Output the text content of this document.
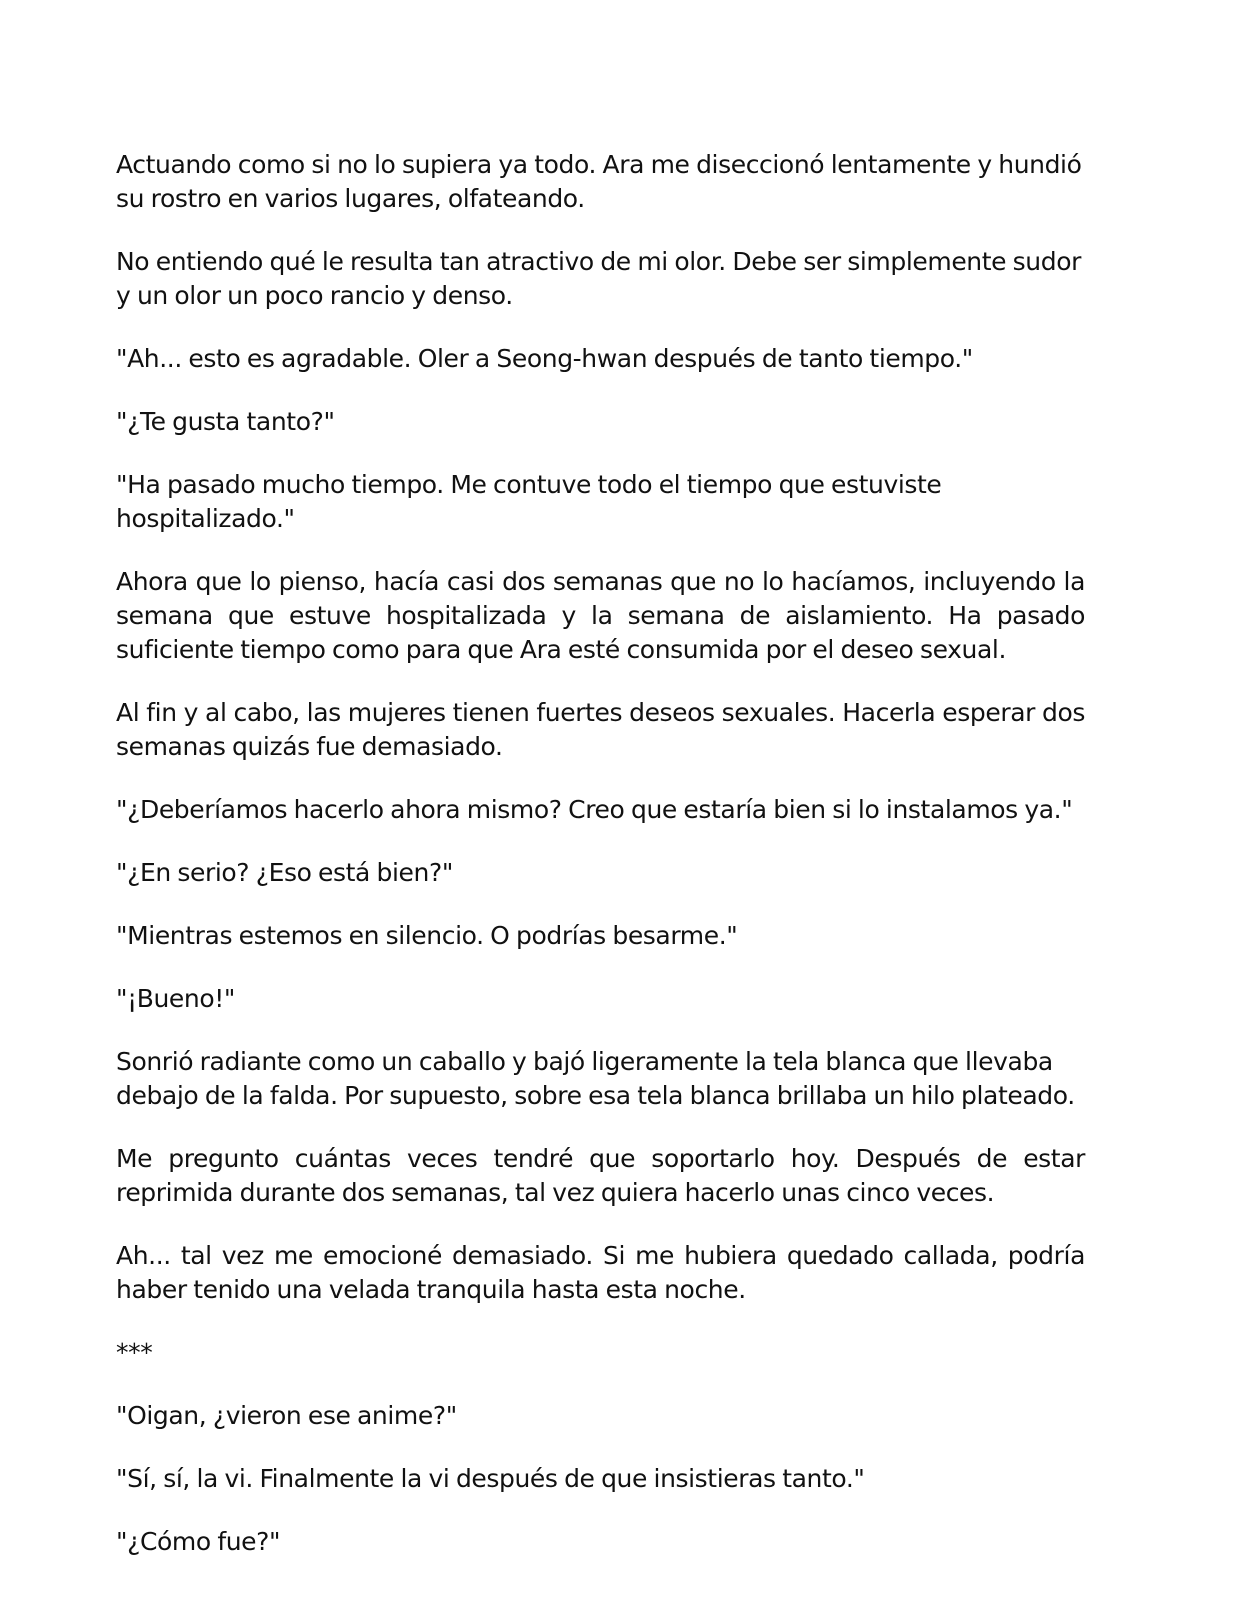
Actuando como si no lo supiera ya todo. Ara me diseccionó lentamente y hundió su rostro en varios lugares, olfateando.

No entiendo qué le resulta tan atractivo de mi olor. Debe ser simplemente sudor y un olor un poco rancio y denso.

"Ah... esto es agradable. Oler a Seong-hwan después de tanto tiempo."

"¿Te gusta tanto?"

"Ha pasado mucho tiempo. Me contuve todo el tiempo que estuviste hospitalizado."

Ahora que lo pienso, hacía casi dos semanas que no lo hacíamos, incluyendo la semana que estuve hospitalizada y la semana de aislamiento. Ha pasado suficiente tiempo como para que Ara esté consumida por el deseo sexual.

Al fin y al cabo, las mujeres tienen fuertes deseos sexuales. Hacerla esperar dos semanas quizás fue demasiado.

"¿Deberíamos hacerlo ahora mismo? Creo que estaría bien si lo instalamos ya."

"¿En serio? ¿Eso está bien?"

"Mientras estemos en silencio. O podrías besarme."

"¡Bueno!"

Sonrió radiante como un caballo y bajó ligeramente la tela blanca que llevaba debajo de la falda. Por supuesto, sobre esa tela blanca brillaba un hilo plateado.

Me pregunto cuántas veces tendré que soportarlo hoy. Después de estar reprimida durante dos semanas, tal vez quiera hacerlo unas cinco veces.

Ah... tal vez me emocioné demasiado. Si me hubiera quedado callada, podría haber tenido una velada tranquila hasta esta noche.

***

"Oigan, ¿vieron ese anime?"

"Sí, sí, la vi. Finalmente la vi después de que insistieras tanto."

"¿Cómo fue?"
